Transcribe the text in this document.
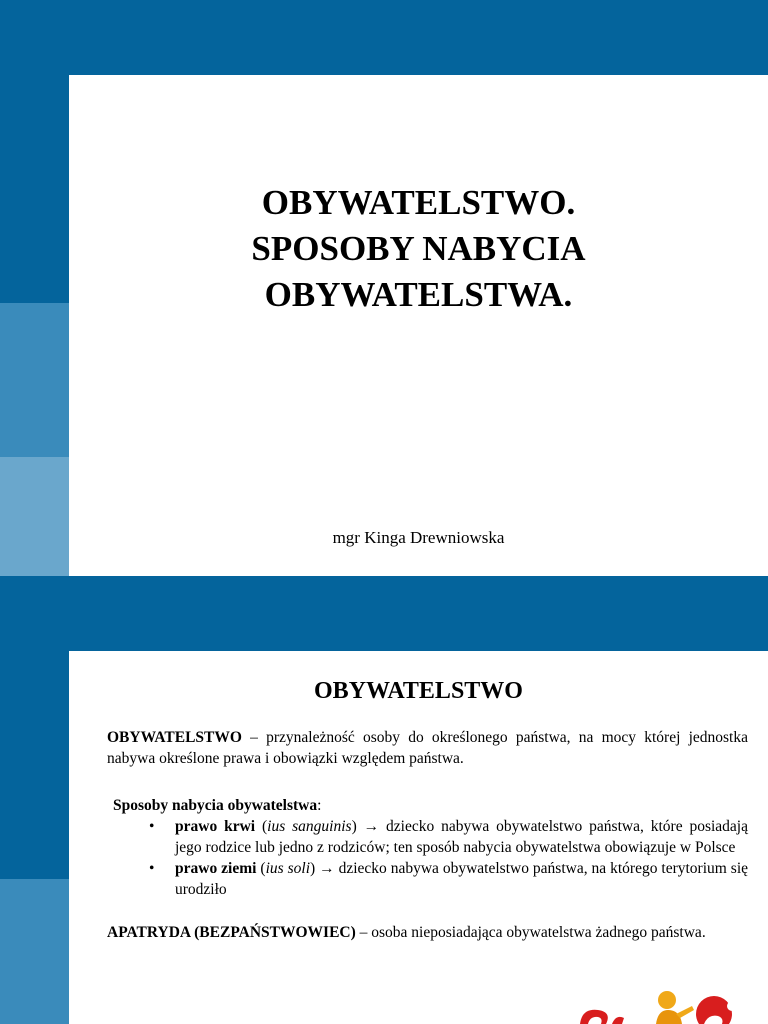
OBYWATELSTWO.
SPOSOBY NABYCIA
OBYWATELSTWA.
mgr Kinga Drewniowska
OBYWATELSTWO

OBYWATELSTWO – przynależność osoby do określonego państwa, na mocy której jednostka nabywa określone prawa i obowiązki względem państwa.

Sposoby nabycia obywatelstwa:

• prawo krwi (ius sanguinis) → dziecko nabywa obywatelstwo państwa, które posiadają jego rodzice lub jedno z rodziców; ten sposób nabycia obywatelstwa obowiązuje w Polsce
• prawo ziemi (ius soli) → dziecko nabywa obywatelstwo państwa, na którego terytorium się urodziło

APATRYDA (BEZPAŃSTWOWIEC) – osoba nieposiadająca obywatelstwa żadnego państwa.
